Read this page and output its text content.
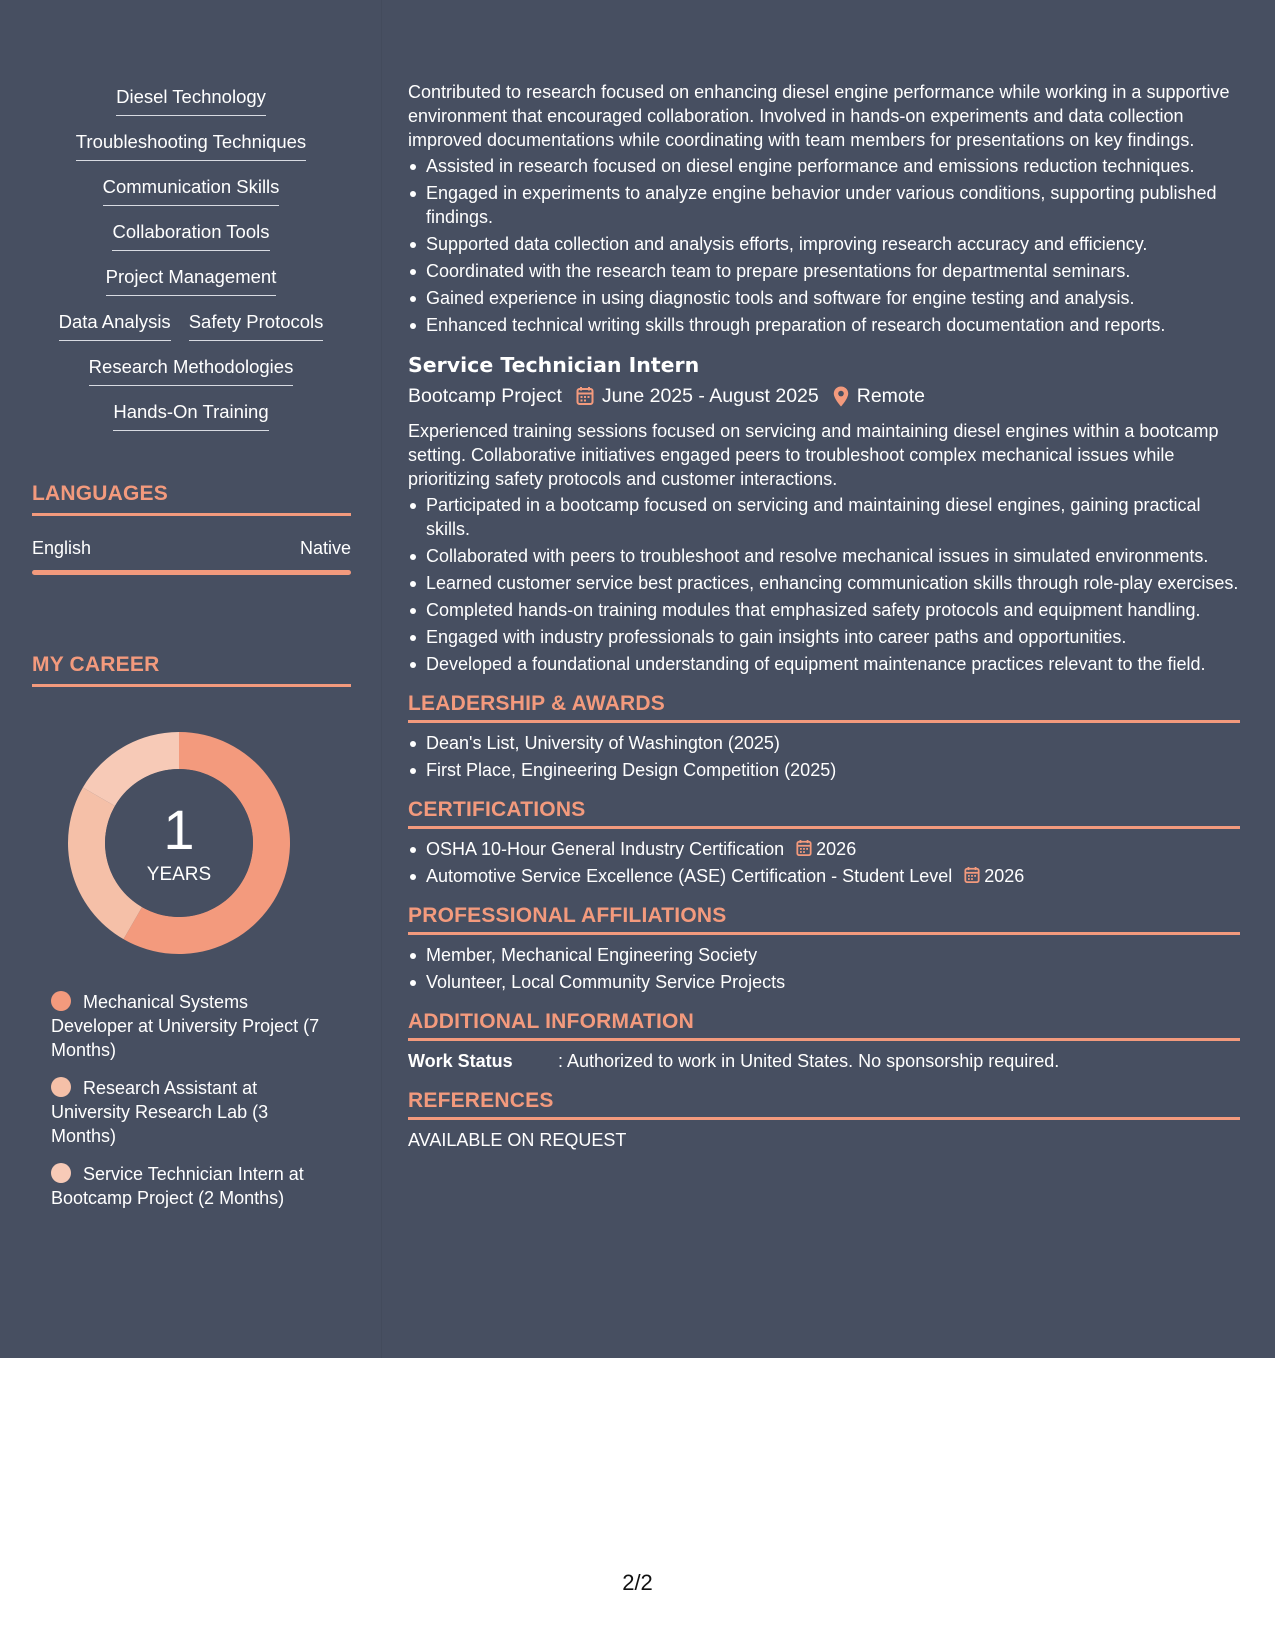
Diesel Technology
Troubleshooting Techniques
Communication Skills
Collaboration Tools
Project Management
Data Analysis Safety Protocols
Research Methodologies
Hands-On Training
LANGUAGES
English	Native
MY CAREER
1
YEARS
Mechanical Systems Developer at University Project (7 Months)
Research Assistant at University Research Lab (3 Months)
Service Technician Intern at Bootcamp Project (2 Months)

Contributed to research focused on enhancing diesel engine performance while working in a supportive environment that encouraged collaboration. Involved in hands-on experiments and data collection improved documentations while coordinating with team members for presentations on key findings.

Assisted in research focused on diesel engine performance and emissions reduction techniques.
Engaged in experiments to analyze engine behavior under various conditions, supporting published findings.
Supported data collection and analysis efforts, improving research accuracy and efficiency.
Coordinated with the research team to prepare presentations for departmental seminars.
Gained experience in using diagnostic tools and software for engine testing and analysis.
Enhanced technical writing skills through preparation of research documentation and reports.
Service Technician Intern
Bootcamp Project June 2025 - August 2025 Remote

Experienced training sessions focused on servicing and maintaining diesel engines within a bootcamp setting. Collaborative initiatives engaged peers to troubleshoot complex mechanical issues while prioritizing safety protocols and customer interactions.

Participated in a bootcamp focused on servicing and maintaining diesel engines, gaining practical skills.
Collaborated with peers to troubleshoot and resolve mechanical issues in simulated environments.
Learned customer service best practices, enhancing communication skills through role-play exercises.
Completed hands-on training modules that emphasized safety protocols and equipment handling.
Engaged with industry professionals to gain insights into career paths and opportunities.
Developed a foundational understanding of equipment maintenance practices relevant to the field.
LEADERSHIP & AWARDS
Dean's List, University of Washington (2025)
First Place, Engineering Design Competition (2025)
CERTIFICATIONS
OSHA 10-Hour General Industry Certification 2026
Automotive Service Excellence (ASE) Certification - Student Level 2026
PROFESSIONAL AFFILIATIONS
Member, Mechanical Engineering Society
Volunteer, Local Community Service Projects
ADDITIONAL INFORMATION
Work Status	: Authorized to work in United States. No sponsorship required.
REFERENCES
AVAILABLE ON REQUEST
2/2
